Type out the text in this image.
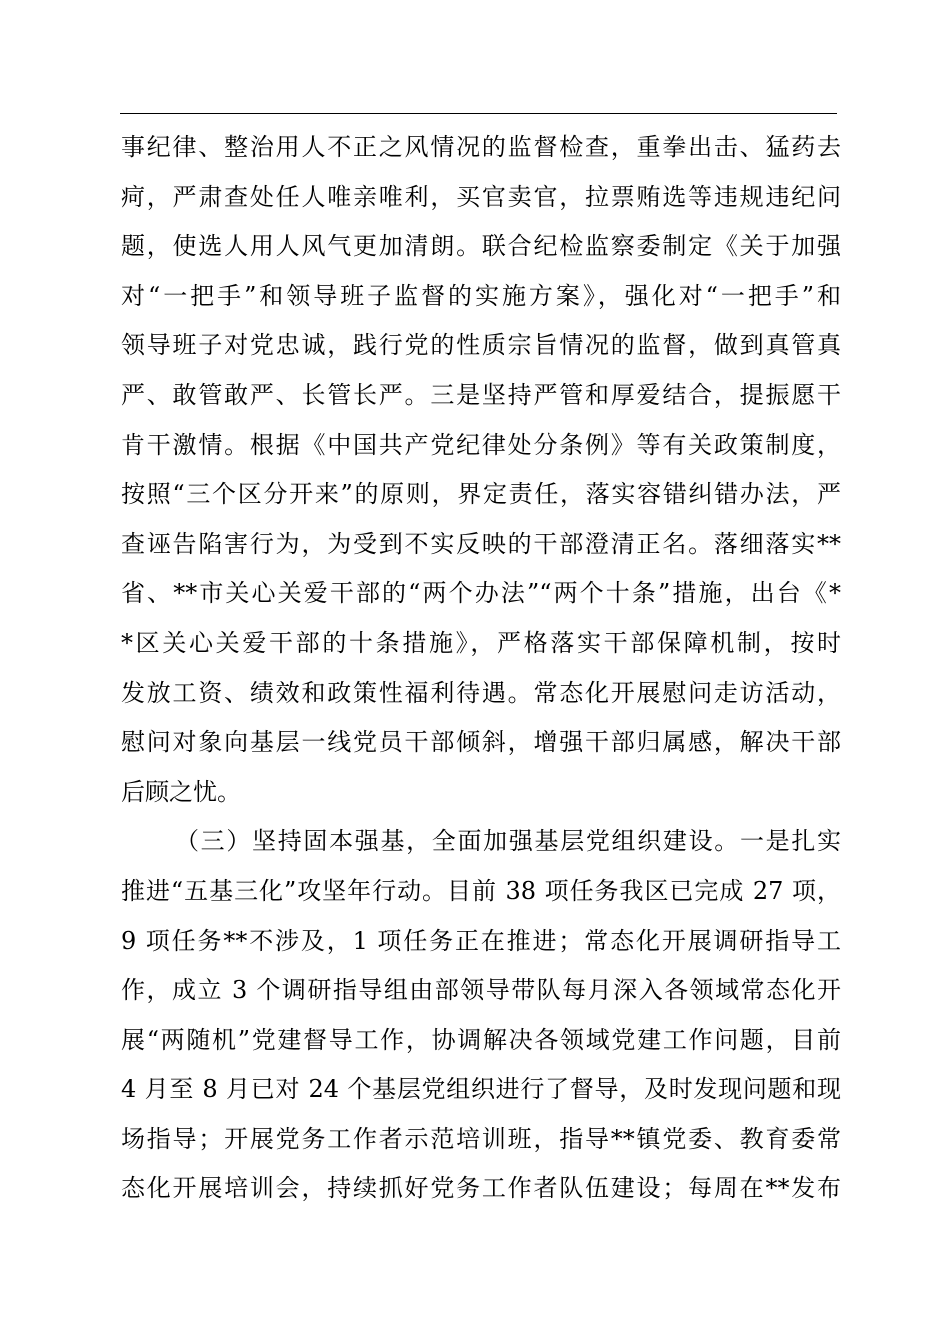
事纪律、整治用人不正之风情况的监督检查，重拳出击、猛药去
疴，严肃查处任人唯亲唯利，买官卖官，拉票贿选等违规违纪问
题，使选人用人风气更加清朗。联合纪检监察委制定《关于加强
对“一把手”和领导班子监督的实施方案》，强化对“一把手”和
领导班子对党忠诚，践行党的性质宗旨情况的监督，做到真管真
严、敢管敢严、长管长严。三是坚持严管和厚爱结合，提振愿干
肯干激情。根据《中国共产党纪律处分条例》等有关政策制度，
按照“三个区分开来”的原则，界定责任，落实容错纠错办法，严
查诬告陷害行为，为受到不实反映的干部澄清正名。落细落实**
省、**市关心关爱干部的“两个办法”“两个十条”措施，出台《*
*区关心关爱干部的十条措施》，严格落实干部保障机制，按时
发放工资、绩效和政策性福利待遇。常态化开展慰问走访活动，
慰问对象向基层一线党员干部倾斜，增强干部归属感，解决干部
后顾之忧。
（三）坚持固本强基，全面加强基层党组织建设。一是扎实
推进“五基三化”攻坚年行动。目前 38 项任务我区已完成 27 项，
9 项任务**不涉及，1 项任务正在推进；常态化开展调研指导工
作，成立 3 个调研指导组由部领导带队每月深入各领域常态化开
展“两随机”党建督导工作，协调解决各领域党建工作问题，目前
4 月至 8 月已对 24 个基层党组织进行了督导，及时发现问题和现
场指导；开展党务工作者示范培训班，指导**镇党委、教育委常
态化开展培训会，持续抓好党务工作者队伍建设；每周在**发布
